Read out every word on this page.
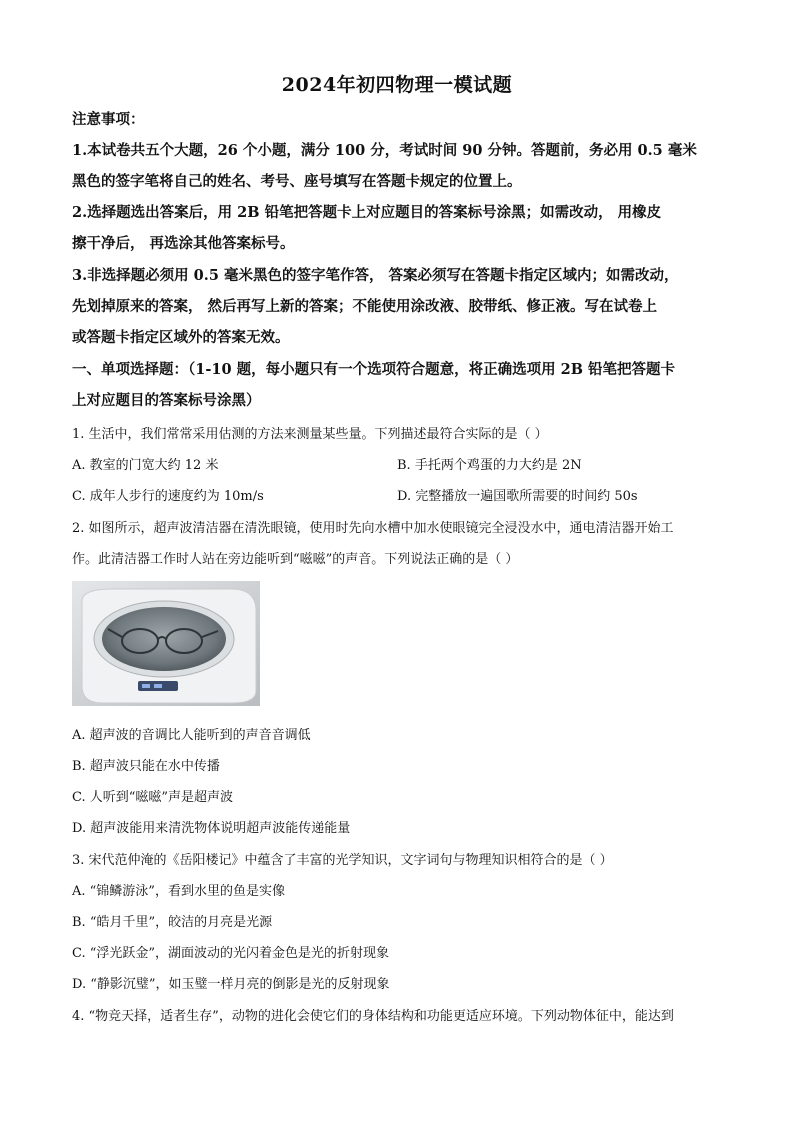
2024年初四物理一模试题
注意事项：
1.本试卷共五个大题，26 个小题，满分 100 分，考试时间 90 分钟。答题前，务必用 0.5 毫米
黑色的签字笔将自己的姓名、考号、座号填写在答题卡规定的位置上。
2.选择题选出答案后，用 2B 铅笔把答题卡上对应题目的答案标号涂黑；如需改动， 用橡皮
擦干净后， 再选涂其他答案标号。
3.非选择题必须用 0.5 毫米黑色的签字笔作答， 答案必须写在答题卡指定区域内；如需改动，
先划掉原来的答案， 然后再写上新的答案；不能使用涂改液、胶带纸、修正液。写在试卷上
或答题卡指定区域外的答案无效。
一、单项选择题：（1-10 题，每小题只有一个选项符合题意，将正确选项用 2B 铅笔把答题卡
上对应题目的答案标号涂黑）
1. 生活中，我们常常采用估测的方法来测量某些量。下列描述最符合实际的是（ ）
A. 教室的门宽大约 12 米	B. 手托两个鸡蛋的力大约是 2N
C. 成年人步行的速度约为 10m/s	D. 完整播放一遍国歌所需要的时间约 50s
2. 如图所示，超声波清洁器在清洗眼镜，使用时先向水槽中加水使眼镜完全浸没水中，通电清洁器开始工
作。此清洁器工作时人站在旁边能听到“嗞嗞”的声音。下列说法正确的是（ ）
A. 超声波的音调比人能听到的声音音调低
B. 超声波只能在水中传播
C. 人听到“嗞嗞”声是超声波
D. 超声波能用来清洗物体说明超声波能传递能量
3. 宋代范仲淹的《岳阳楼记》中蕴含了丰富的光学知识，文字词句与物理知识相符合的是（ ）
A. “锦鳞游泳”，看到水里的鱼是实像
B. “皓月千里”，皎洁的月亮是光源
C. “浮光跃金”，湖面波动的光闪着金色是光的折射现象
D. “静影沉璧”，如玉璧一样月亮的倒影是光的反射现象
4. “物竞天择，适者生存”，动物的进化会使它们的身体结构和功能更适应环境。下列动物体征中，能达到
